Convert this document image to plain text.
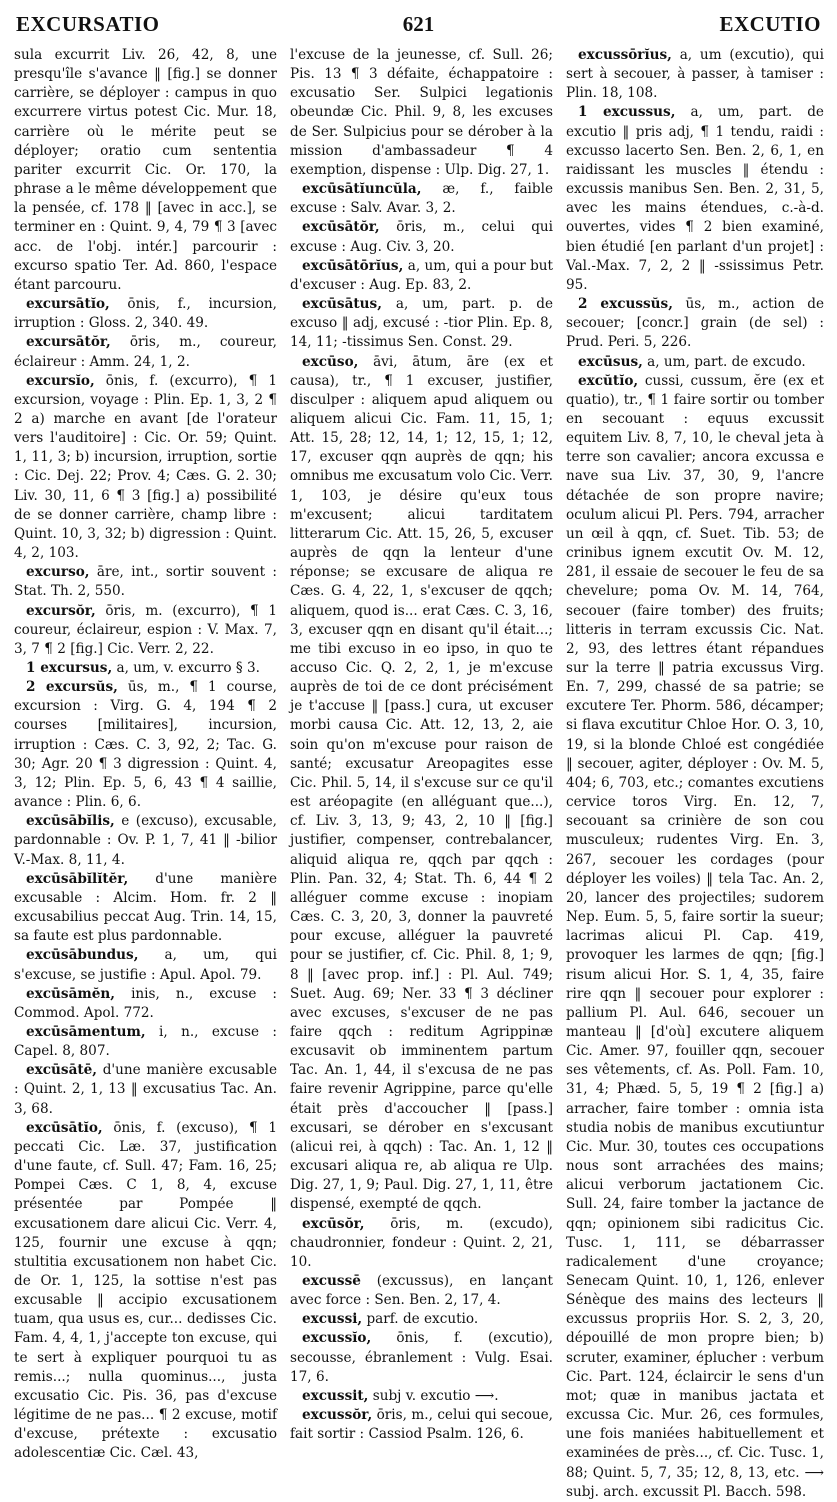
EXCURSATIO	621	EXCUTIO

sula excurrit Liv. 26, 42, 8, une presqu'île s'avance ‖ [fig.] se donner carrière, se déployer : campus in quo excurrere virtus potest Cic. Mur. 18, carrière où le mérite peut se déployer; oratio cum sententia pariter excurrit Cic. Or. 170, la phrase a le même développement que la pensée, cf. 178 ‖ [avec in acc.], se terminer en : Quint. 9, 4, 79 ¶ 3 [avec acc. de l'obj. intér.] parcourir : excurso spatio Ter. Ad. 860, l'espace étant parcouru.

excursātĭo, ōnis, f., incursion, irruption : Gloss. 2, 340. 49.

excursātŏr, ōris, m., coureur, éclaireur : Amm. 24, 1, 2.

excursĭo, ōnis, f. (excurro), ¶ 1 excursion, voyage : Plin. Ep. 1, 3, 2 ¶ 2 a) marche en avant [de l'orateur vers l'auditoire] : Cic. Or. 59; Quint. 1, 11, 3; b) incursion, irruption, sortie : Cic. Dej. 22; Prov. 4; Cæs. G. 2. 30; Liv. 30, 11, 6 ¶ 3 [fig.] a) possibilité de se donner carrière, champ libre : Quint. 10, 3, 32; b) digression : Quint. 4, 2, 103.

excurso, āre, int., sortir souvent : Stat. Th. 2, 550.

excursŏr, ōris, m. (excurro), ¶ 1 coureur, éclaireur, espion : V. Max. 7, 3, 7 ¶ 2 [fig.] Cic. Verr. 2, 22.

1 excursus, a, um, v. excurro § 3.

2 excursŭs, ūs, m., ¶ 1 course, excursion : Virg. G. 4, 194 ¶ 2 courses [militaires], incursion, irruption : Cæs. C. 3, 92, 2; Tac. G. 30; Agr. 20 ¶ 3 digression : Quint. 4, 3, 12; Plin. Ep. 5, 6, 43 ¶ 4 saillie, avance : Plin. 6, 6.

excūsābĭlis, e (excuso), excusable, pardonnable : Ov. P. 1, 7, 41 ‖ -bilior V.-Max. 8, 11, 4.

excūsābĭlĭtĕr, d'une manière excusable : Alcim. Hom. fr. 2 ‖ excusabilius peccat Aug. Trin. 14, 15, sa faute est plus pardonnable.

excūsābundus, a, um, qui s'excuse, se justifie : Apul. Apol. 79.

excūsāmĕn, inis, n., excuse : Commod. Apol. 772.

excūsāmentum, i, n., excuse : Capel. 8, 807.

excūsātē, d'une manière excusable : Quint. 2, 1, 13 ‖ excusatius Tac. An. 3, 68.

excūsātĭo, ōnis, f. (excuso), ¶ 1 peccati Cic. Læ. 37, justification d'une faute, cf. Sull. 47; Fam. 16, 25; Pompei Cæs. C 1, 8, 4, excuse présentée par Pompée ‖ excusationem dare alicui Cic. Verr. 4, 125, fournir une excuse à qqn; stultitia excusationem non habet Cic. de Or. 1, 125, la sottise n'est pas excusable ‖ accipio excusationem tuam, qua usus es, cur... dedisses Cic. Fam. 4, 4, 1, j'accepte ton excuse, qui te sert à expliquer pourquoi tu as remis...; nulla quominus..., justa excusatio Cic. Pis. 36, pas d'excuse légitime de ne pas... ¶ 2 excuse, motif d'excuse, prétexte : excusatio adolescentiæ Cic. Cæl. 43,

l'excuse de la jeunesse, cf. Sull. 26; Pis. 13 ¶ 3 défaite, échappatoire : excusatio Ser. Sulpici legationis obeundæ Cic. Phil. 9, 8, les excuses de Ser. Sulpicius pour se dérober à la mission d'ambassadeur ¶ 4 exemption, dispense : Ulp. Dig. 27, 1.

excūsātĭuncŭla, æ, f., faible excuse : Salv. Avar. 3, 2.

excūsātŏr, ōris, m., celui qui excuse : Aug. Civ. 3, 20.

excūsātōrĭus, a, um, qui a pour but d'excuser : Aug. Ep. 83, 2.

excūsātus, a, um, part. p. de excuso ‖ adj, excusé : -tior Plin. Ep. 8, 14, 11; -tissimus Sen. Const. 29.

excūso, āvi, ātum, āre (ex et causa), tr., ¶ 1 excuser, justifier, disculper : aliquem apud aliquem ou aliquem alicui Cic. Fam. 11, 15, 1; Att. 15, 28; 12, 14, 1; 12, 15, 1; 12, 17, excuser qqn auprès de qqn; his omnibus me excusatum volo Cic. Verr. 1, 103, je désire qu'eux tous m'excusent; alicui tarditatem litterarum Cic. Att. 15, 26, 5, excuser auprès de qqn la lenteur d'une réponse; se excusare de aliqua re Cæs. G. 4, 22, 1, s'excuser de qqch; aliquem, quod is... erat Cæs. C. 3, 16, 3, excuser qqn en disant qu'il était...; me tibi excuso in eo ipso, in quo te accuso Cic. Q. 2, 2, 1, je m'excuse auprès de toi de ce dont précisément je t'accuse ‖ [pass.] cura, ut excuser morbi causa Cic. Att. 12, 13, 2, aie soin qu'on m'excuse pour raison de santé; excusatur Areopagites esse Cic. Phil. 5, 14, il s'excuse sur ce qu'il est aréopagite (en alléguant que...), cf. Liv. 3, 13, 9; 43, 2, 10 ‖ [fig.] justifier, compenser, contrebalancer, aliquid aliqua re, qqch par qqch : Plin. Pan. 32, 4; Stat. Th. 6, 44 ¶ 2 alléguer comme excuse : inopiam Cæs. C. 3, 20, 3, donner la pauvreté pour excuse, alléguer la pauvreté pour se justifier, cf. Cic. Phil. 8, 1; 9, 8 ‖ [avec prop. inf.] : Pl. Aul. 749; Suet. Aug. 69; Ner. 33 ¶ 3 décliner avec excuses, s'excuser de ne pas faire qqch : reditum Agrippinæ excusavit ob imminentem partum Tac. An. 1, 44, il s'excusa de ne pas faire revenir Agrippine, parce qu'elle était près d'accoucher ‖ [pass.] excusari, se dérober en s'excusant (alicui rei, à qqch) : Tac. An. 1, 12 ‖ excusari aliqua re, ab aliqua re Ulp. Dig. 27, 1, 9; Paul. Dig. 27, 1, 11, être dispensé, exempté de qqch.

excūsŏr, ōris, m. (excudo), chaudronnier, fondeur : Quint. 2, 21, 10.

excussē (excussus), en lançant avec force : Sen. Ben. 2, 17, 4.

excussi, parf. de excutio.

excussĭo, ōnis, f. (excutio), secousse, ébranlement : Vulg. Esai. 17, 6.

excussit, subj v. excutio ⟶.

excussŏr, ōris, m., celui qui secoue, fait sortir : Cassiod Psalm. 126, 6.

excussōrĭus, a, um (excutio), qui sert à secouer, à passer, à tamiser : Plin. 18, 108.

1 excussus, a, um, part. de excutio ‖ pris adj, ¶ 1 tendu, raidi : excusso lacerto Sen. Ben. 2, 6, 1, en raidissant les muscles ‖ étendu : excussis manibus Sen. Ben. 2, 31, 5, avec les mains étendues, c.-à-d. ouvertes, vides ¶ 2 bien examiné, bien étudié [en parlant d'un projet] : Val.-Max. 7, 2, 2 ‖ -ssissimus Petr. 95.

2 excussŭs, ūs, m., action de secouer; [concr.] grain (de sel) : Prud. Peri. 5, 226.

excūsus, a, um, part. de excudo.

excŭtĭo, cussi, cussum, ĕre (ex et quatio), tr., ¶ 1 faire sortir ou tomber en secouant : equus excussit equitem Liv. 8, 7, 10, le cheval jeta à terre son cavalier; ancora excussa e nave sua Liv. 37, 30, 9, l'ancre détachée de son propre navire; oculum alicui Pl. Pers. 794, arracher un œil à qqn, cf. Suet. Tib. 53; de crinibus ignem excutit Ov. M. 12, 281, il essaie de secouer le feu de sa chevelure; poma Ov. M. 14, 764, secouer (faire tomber) des fruits; litteris in terram excussis Cic. Nat. 2, 93, des lettres étant répandues sur la terre ‖ patria excussus Virg. En. 7, 299, chassé de sa patrie; se excutere Ter. Phorm. 586, décamper; si flava excutitur Chloe Hor. O. 3, 10, 19, si la blonde Chloé est congédiée ‖ secouer, agiter, déployer : Ov. M. 5, 404; 6, 703, etc.; comantes excutiens cervice toros Virg. En. 12, 7, secouant sa crinière de son cou musculeux; rudentes Virg. En. 3, 267, secouer les cordages (pour déployer les voiles) ‖ tela Tac. An. 2, 20, lancer des projectiles; sudorem Nep. Eum. 5, 5, faire sortir la sueur; lacrimas alicui Pl. Cap. 419, provoquer les larmes de qqn; [fig.] risum alicui Hor. S. 1, 4, 35, faire rire qqn ‖ secouer pour explorer : pallium Pl. Aul. 646, secouer un manteau ‖ [d'où] excutere aliquem Cic. Amer. 97, fouiller qqn, secouer ses vêtements, cf. As. Poll. Fam. 10, 31, 4; Phæd. 5, 5, 19 ¶ 2 [fig.] a) arracher, faire tomber : omnia ista studia nobis de manibus excutiuntur Cic. Mur. 30, toutes ces occupations nous sont arrachées des mains; alicui verborum jactationem Cic. Sull. 24, faire tomber la jactance de qqn; opinionem sibi radicitus Cic. Tusc. 1, 111, se débarrasser radicalement d'une croyance; Senecam Quint. 10, 1, 126, enlever Sénèque des mains des lecteurs ‖ excussus propriis Hor. S. 2, 3, 20, dépouillé de mon propre bien; b) scruter, examiner, éplucher : verbum Cic. Part. 124, éclaircir le sens d'un mot; quæ in manibus jactata et excussa Cic. Mur. 26, ces formules, une fois maniées habituellement et examinées de près..., cf. Cic. Tusc. 1, 88; Quint. 5, 7, 35; 12, 8, 13, etc. ⟶ subj. arch. excussit Pl. Bacch. 598.
